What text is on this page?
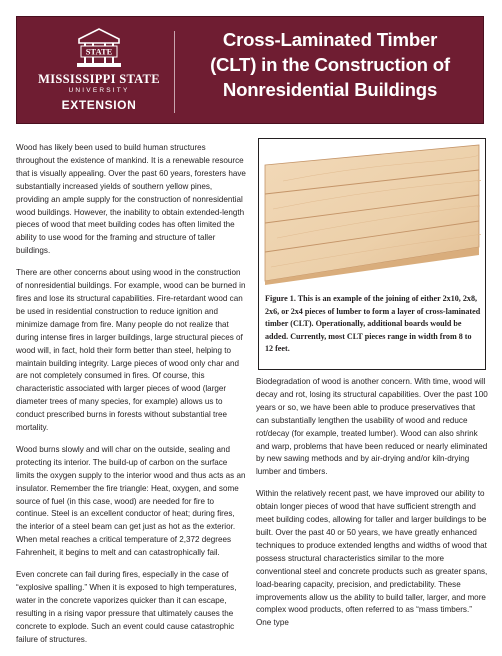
STATE
MISSISSIPPI STATE
UNIVERSITY
EXTENSION
Cross-Laminated Timber
(CLT) in the Construction of
Nonresidential Buildings

Wood has likely been used to build human structures throughout the existence of mankind. It is a renewable resource that is visually appealing. Over the past 60 years, foresters have substantially increased yields of southern yellow pines, providing an ample supply for the construction of nonresidential wood buildings. However, the inability to obtain extended-length pieces of wood that meet building codes has often limited the ability to use wood for the framing and structure of taller buildings.

There are other concerns about using wood in the construction of nonresidential buildings. For example, wood can be burned in fires and lose its structural capabilities. Fire-retardant wood can be used in residential construction to reduce ignition and minimize damage from fire. Many people do not realize that during intense fires in larger buildings, large structural pieces of wood will, in fact, hold their form better than steel, helping to maintain building integrity. Large pieces of wood only char and are not completely consumed in fires. Of course, this characteristic associated with larger pieces of wood (larger diameter trees of many species, for example) allows us to conduct prescribed burns in forests without substantial tree mortality.

Wood burns slowly and will char on the outside, sealing and protecting its interior. The build-up of carbon on the surface limits the oxygen supply to the interior wood and thus acts as an insulator. Remember the fire triangle: Heat, oxygen, and some source of fuel (in this case, wood) are needed for fire to continue. Steel is an excellent conductor of heat; during fires, the interior of a steel beam can get just as hot as the exterior. When metal reaches a critical temperature of 2,372 degrees Fahrenheit, it begins to melt and can catastrophically fail.

Even concrete can fail during fires, especially in the case of “explosive spalling.” When it is exposed to high temperatures, water in the concrete vaporizes quicker than it can escape, resulting in a rising vapor pressure that ultimately causes the concrete to explode. Such an event could cause catastrophic failure of structures.

Figure 1. This is an example of the joining of either 2x10, 2x8, 2x6, or 2x4 pieces of lumber to form a layer of cross-laminated timber (CLT). Operationally, additional boards would be added. Currently, most CLT pieces range in width from 8 to 12 feet.

Biodegradation of wood is another concern. With time, wood will decay and rot, losing its structural capabilities. Over the past 100 years or so, we have been able to produce preservatives that can substantially lengthen the usability of wood and reduce rot/decay (for example, treated lumber). Wood can also shrink and warp, problems that have been reduced or nearly eliminated by new sawing methods and by air-drying and/or kiln-drying lumber and timbers.

Within the relatively recent past, we have improved our ability to obtain longer pieces of wood that have sufficient strength and meet building codes, allowing for taller and larger buildings to be built. Over the past 40 or 50 years, we have greatly enhanced techniques to produce extended lengths and widths of wood that possess structural characteristics similar to the more conventional steel and concrete products such as greater spans, load-bearing capacity, precision, and predictability. These improvements allow us the ability to build taller, larger, and more complex wood products, often referred to as “mass timbers.” One type
